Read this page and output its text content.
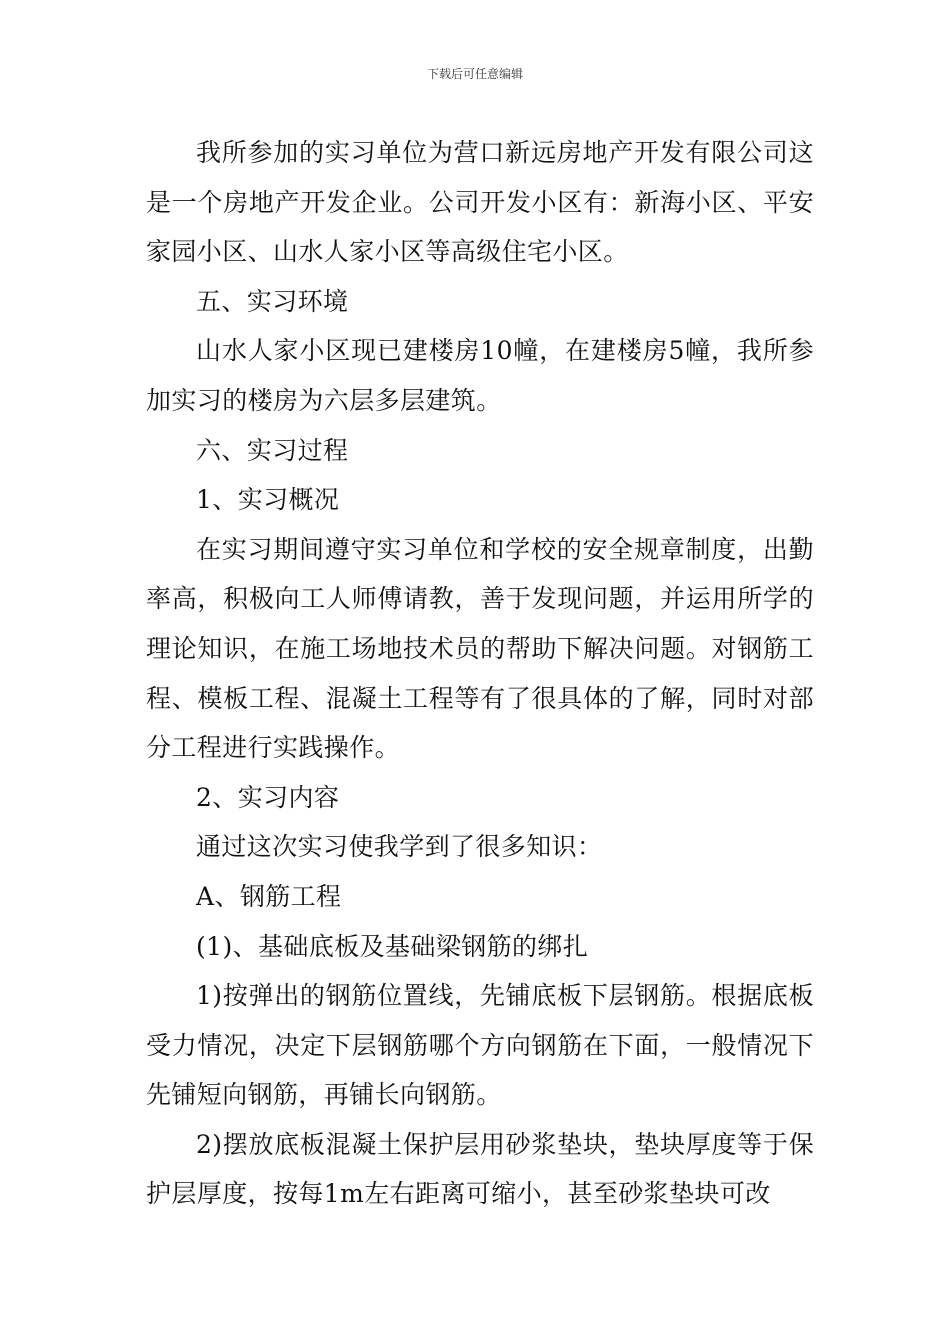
下载后可任意编辑

我所参加的实习单位为营口新远房地产开发有限公司这是一个房地产开发企业。公司开发小区有：新海小区、平安家园小区、山水人家小区等高级住宅小区。

五、实习环境

山水人家小区现已建楼房10幢，在建楼房5幢，我所参加实习的楼房为六层多层建筑。

六、实习过程

1、实习概况

在实习期间遵守实习单位和学校的安全规章制度，出勤率高，积极向工人师傅请教，善于发现问题，并运用所学的理论知识，在施工场地技术员的帮助下解决问题。对钢筋工程、模板工程、混凝土工程等有了很具体的了解，同时对部分工程进行实践操作。

2、实习内容

通过这次实习使我学到了很多知识：

A、钢筋工程

(1)、基础底板及基础梁钢筋的绑扎

1)按弹出的钢筋位置线，先铺底板下层钢筋。根据底板受力情况，决定下层钢筋哪个方向钢筋在下面，一般情况下先铺短向钢筋，再铺长向钢筋。

2)摆放底板混凝土保护层用砂浆垫块，垫块厚度等于保护层厚度，按每1m左右距离可缩小，甚至砂浆垫块可改
